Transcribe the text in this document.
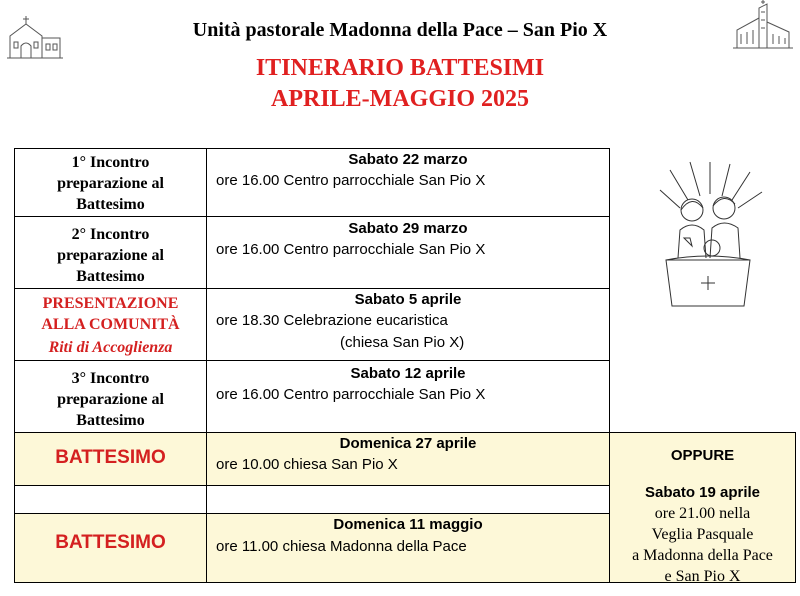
Unità pastorale Madonna della Pace – San Pio X
ITINERARIO BATTESIMI
APRILE-MAGGIO 2025
1° Incontro
preparazione al
Battesimo
Sabato 22 marzo
ore 16.00 Centro parrocchiale San Pio X
2° Incontro
preparazione al
Battesimo
Sabato 29 marzo
ore 16.00 Centro parrocchiale San Pio X
PRESENTAZIONE
ALLA COMUNITÀ
Riti di Accoglienza
Sabato 5 aprile
ore 18.30 Celebrazione eucaristica
(chiesa San Pio X)
3° Incontro
preparazione al
Battesimo
Sabato 12 aprile
ore 16.00 Centro parrocchiale San Pio X
BATTESIMO
Domenica 27 aprile
ore 10.00 chiesa San Pio X
BATTESIMO
Domenica 11 maggio
ore 11.00 chiesa Madonna della Pace
OPPURE
Sabato 19 aprile
ore 21.00 nella
Veglia Pasquale
a Madonna della Pace
e San Pio X
